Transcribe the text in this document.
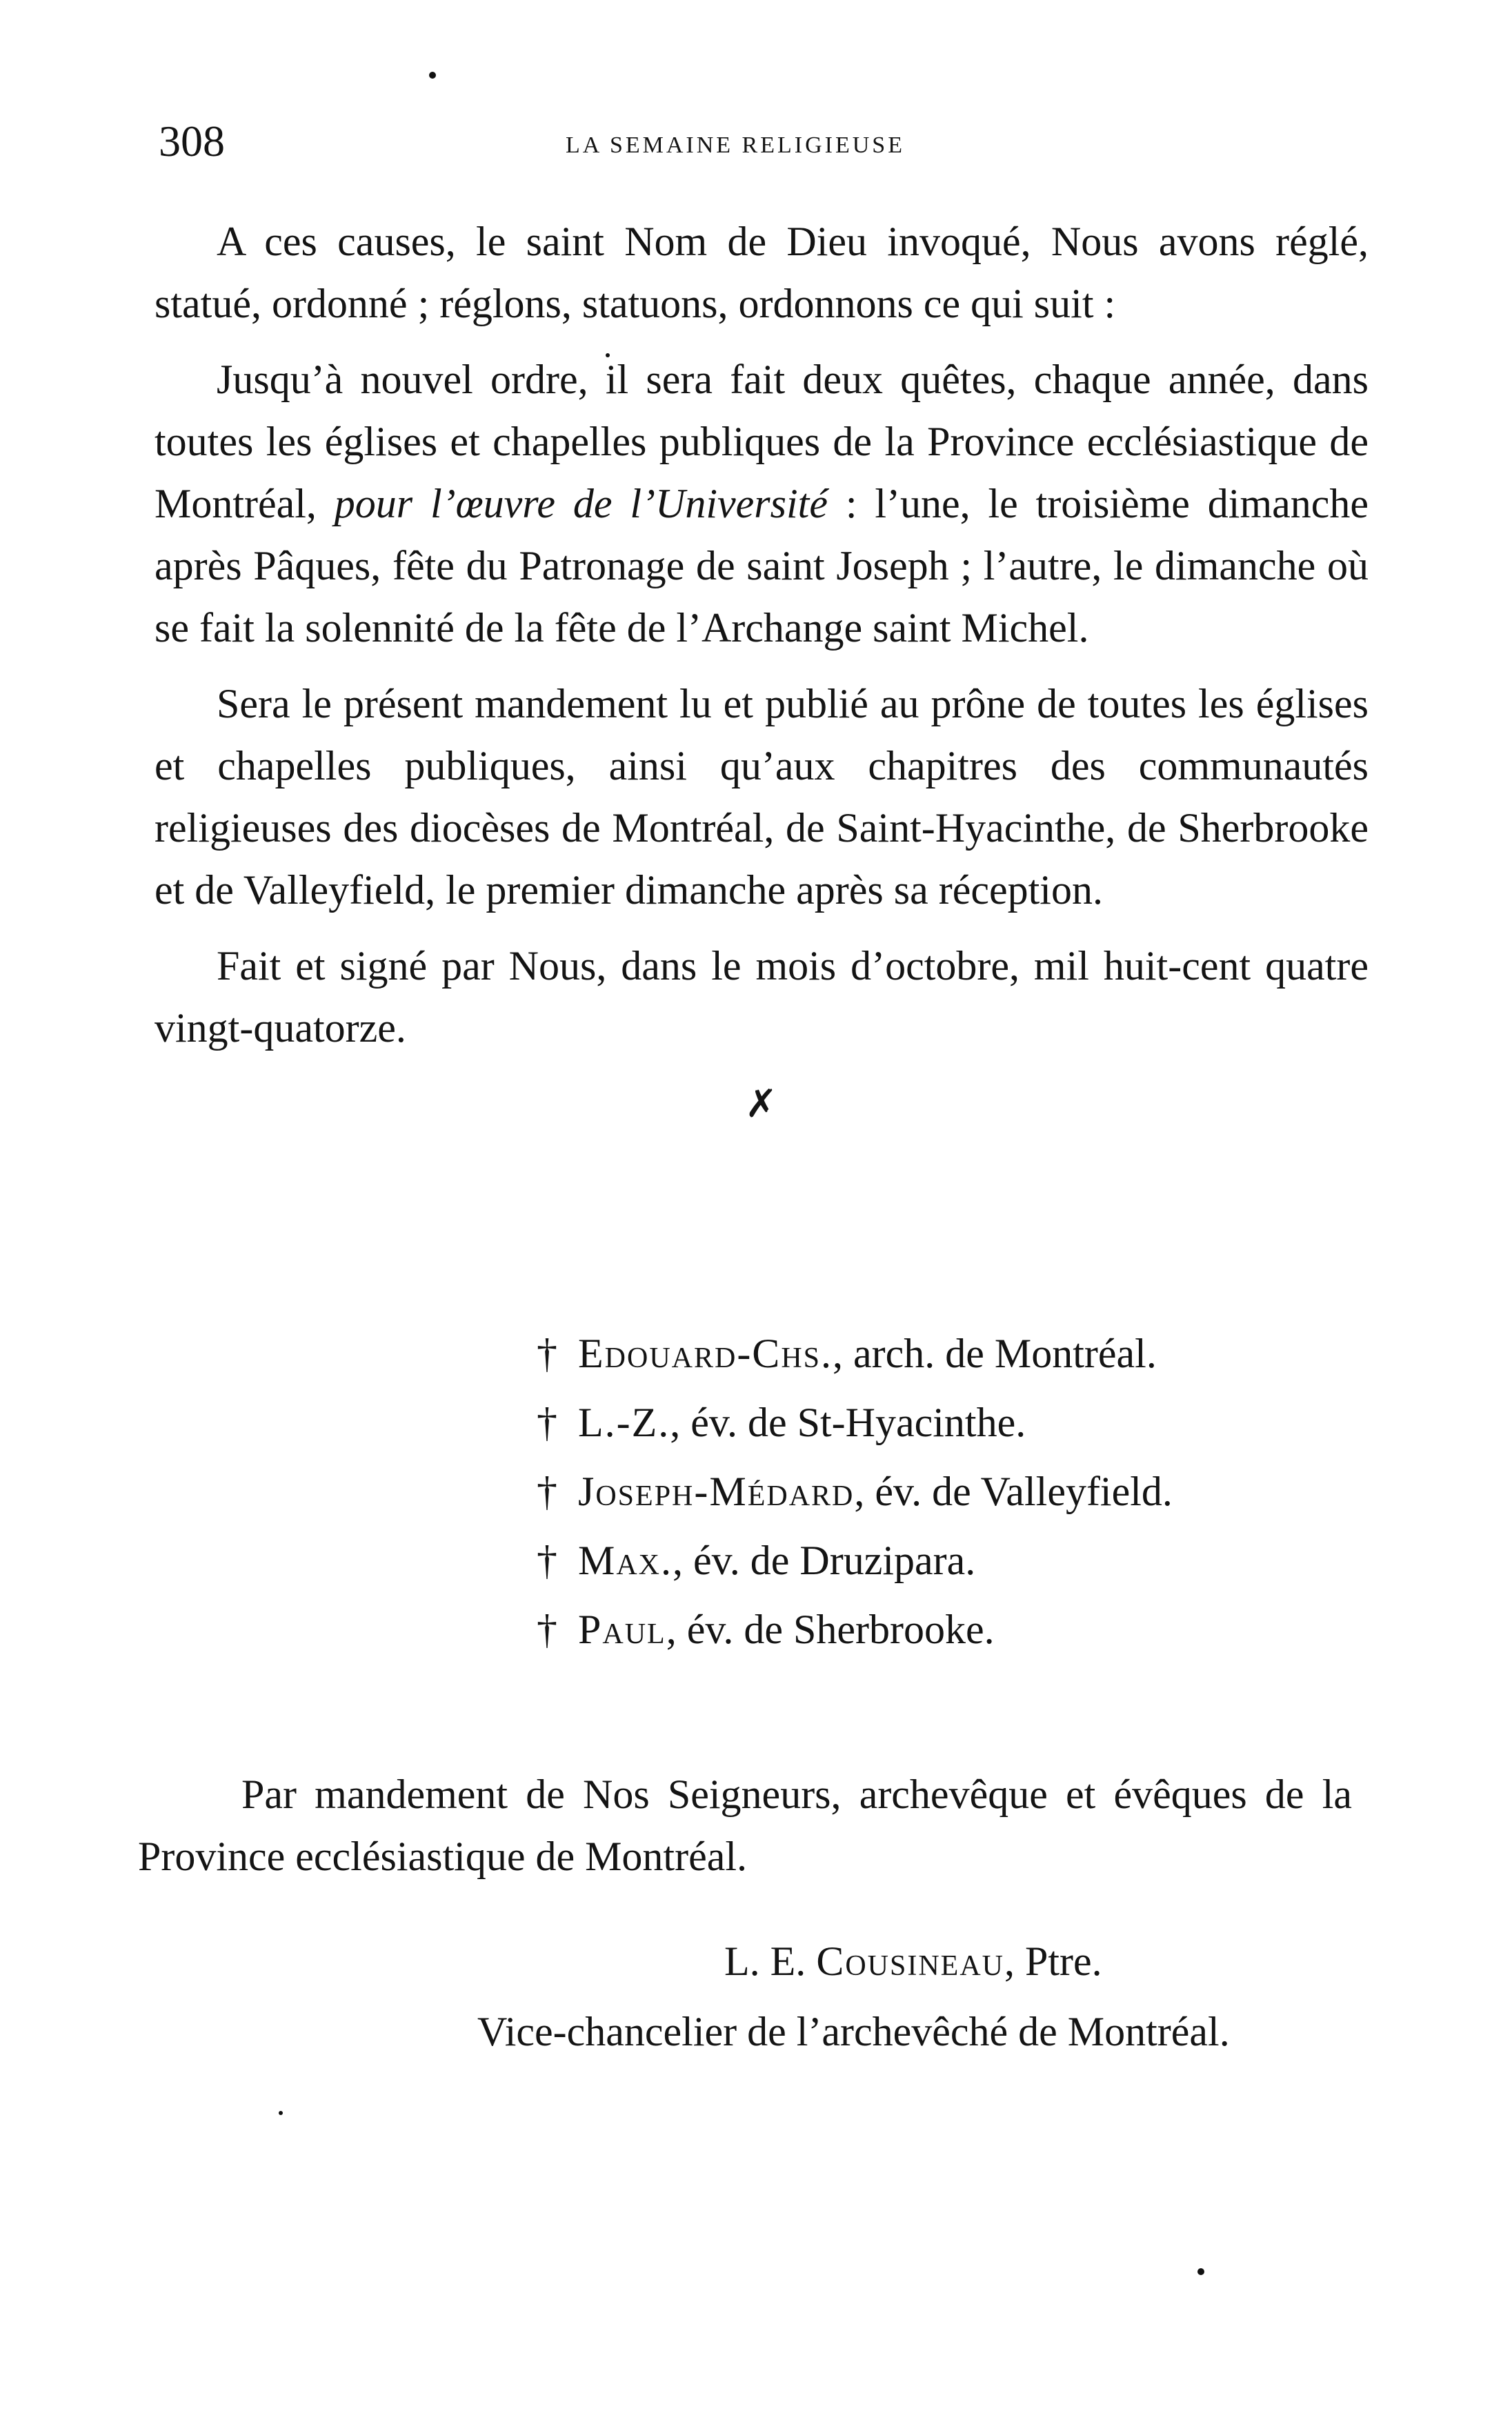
308	LA SEMAINE RELIGIEUSE

A ces causes, le saint Nom de Dieu invoqué, Nous avons réglé, statué, ordonné ; réglons, statuons, ordonnons ce qui suit :

Jusqu’à nouvel ordre, il sera fait deux quêtes, chaque année, dans toutes les églises et chapelles publiques de la Province ecclésiastique de Montréal, pour l’œuvre de l’Université : l’une, le troisième dimanche après Pâques, fête du Patronage de saint Joseph ; l’autre, le dimanche où se fait la solennité de la fête de l’Archange saint Michel.

Sera le présent mandement lu et publié au prône de toutes les églises et chapelles publiques, ainsi qu’aux chapitres des communautés religieuses des diocèses de Montréal, de Saint-Hyacinthe, de Sherbrooke et de Valleyfield, le premier dimanche après sa réception.

Fait et signé par Nous, dans le mois d’octobre, mil huit-cent quatre vingt-quatorze.

✗
† Edouard-Chs., arch. de Montréal.
† L.-Z., év. de St-Hyacinthe.
† Joseph-Médard, év. de Valleyfield.
† Max., év. de Druzipara.
† Paul, év. de Sherbrooke.

Par mandement de Nos Seigneurs, archevêque et évêques de la Province ecclésiastique de Montréal.

L. E. Cousineau, Ptre.
Vice-chancelier de l’archevêché de Montréal.
